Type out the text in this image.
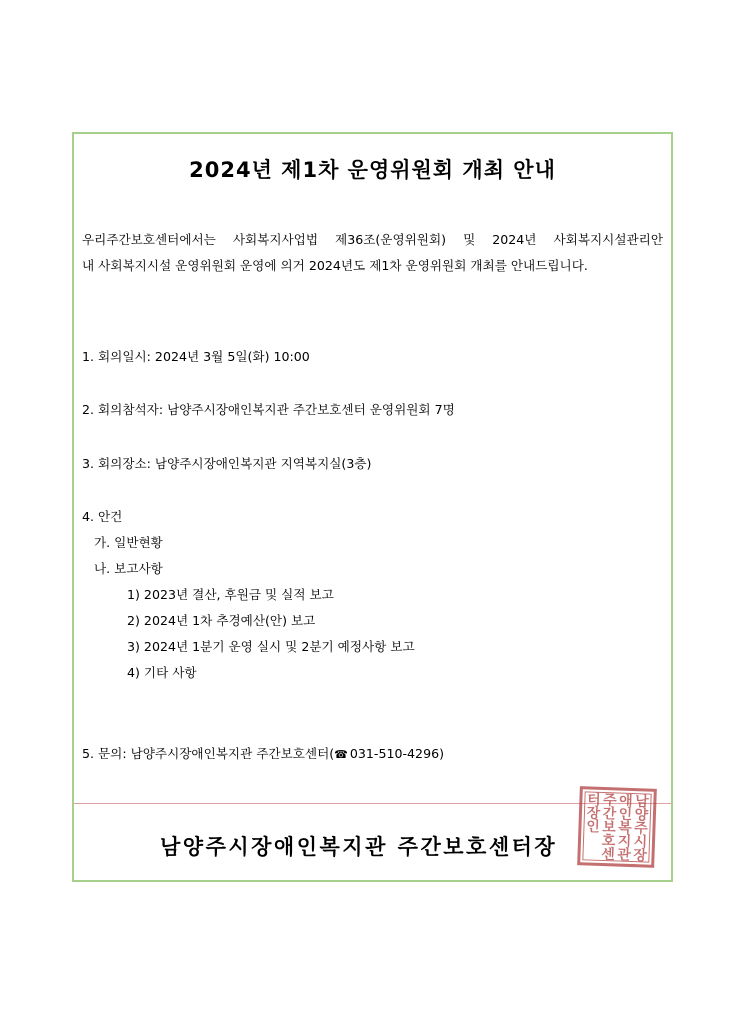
2024년 제1차 운영위원회 개최 안내
우리주간보호센터에서는 사회복지사업법 제36조(운영위원회) 및 2024년 사회복지시설관리안
내 사회복지시설 운영위원회 운영에 의거 2024년도 제1차 운영위원회 개최를 안내드립니다.
1. 회의일시: 2024년 3월 5일(화) 10:00
2. 회의참석자: 남양주시장애인복지관 주간보호센터 운영위원회 7명
3. 회의장소: 남양주시장애인복지관 지역복지실(3층)
4. 안건
가. 일반현황
나. 보고사항
1) 2023년 결산, 후원금 및 실적 보고
2) 2024년 1차 추경예산(안) 보고
3) 2024년 1분기 운영 실시 및 2분기 예정사항 보고
4) 기타 사항
5. 문의: 남양주시장애인복지관 주간보호센터(☎ 031-510-4296)
남양주시장애인복지관 주간보호센터장
남
양
주
시
장
애
인
복
지
관
주
간
보
호
센
터
장
인
